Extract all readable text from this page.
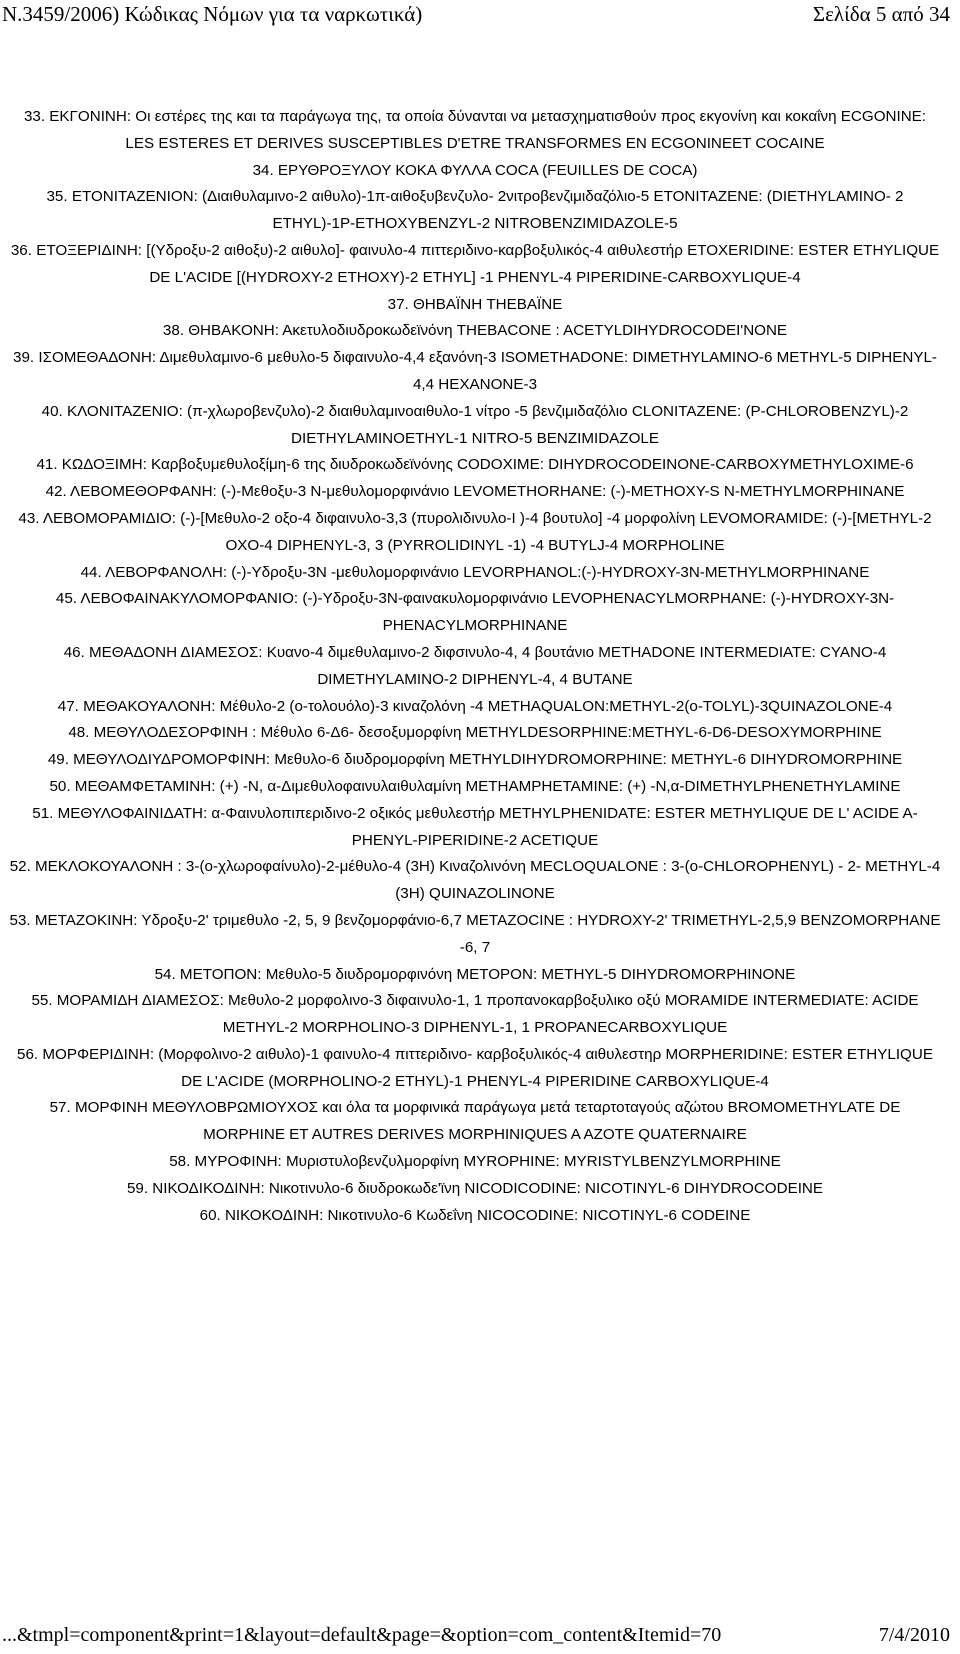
N.3459/2006) Κώδικας Νόμων για τα ναρκωτικά)	Σελίδα 5 από 34

33. ΕΚΓΟΝΙΝΗ: Οι εστέρες της και τα παράγωγα της, τα οποία δύνανται να μετασχηματισθούν προς εκγονίνη και κοκαΐνη ECGONINE: LES ESTERES ET DERIVES SUSCEPTIBLES D'ETRE TRANSFORMES EN ECGONINEET COCAINE

34. ΕΡΥΘΡΟΞΥΛΟΥ ΚΟΚΑ ΦΥΛΛΑ COCA (FEUILLES DE COCA)

35. ΕΤΟΝΙΤΑΖΕΝΙΟΝ: (Διαιθυλαμινο-2 αιθυλο)-1π-αιθοξυβενζυλο- 2νιτροβενζιμιδαζόλιο-5 ETONITAZENE: (DIETHYLAMINO- 2 ETHYL)-1P-ETHOXYBENZYL-2 NITROBENZIMIDAZOLE-5

36. ΕΤΟΞΕΡΙΔΙΝΗ: [(Υδροξυ-2 αιθοξυ)-2 αιθυλο]- φαινυλο-4 πιττεριδινο-καρβοξυλικός-4 αιθυλεστήρ ETOXERIDINE: ESTER ETHYLIQUE DE L'ACIDE [(HYDROXY-2 ETHOXY)-2 ETHYL] -1 PHENYL-4 PIPERIDINE-CARBOXYLIQUE-4

37. ΘΗΒΑΪΝΗ THEBAÏNE

38. ΘΗΒΑΚΟΝΗ: Ακετυλοδιυδροκωδεϊνόνη THEBACONE : ACETYLDIHYDROCODEI'NONE

39. ΙΣΟΜΕΘΑΔΟΝΗ: Διμεθυλαμινο-6 μεθυλο-5 διφαινυλο-4,4 εξανόνη-3 ISOMETHADONE: DIMETHYLAMINO-6 METHYL-5 DIPHENYL-4,4 HEXANONE-3

40. ΚΛΟΝΙΤΑΖΕΝΙΟ: (π-χλωροβενζυλο)-2 διαιθυλαμινοαιθυλο-1 νίτρο -5 βενζιμιδαζόλιο CLONITAZENE: (P-CHLOROBENZYL)-2 DIETHYLAMINOETHYL-1 NITRO-5 BENZIMIDAZOLE

41. ΚΩΔΟΞΙΜΗ: Καρβοξυμεθυλοξίμη-6 της διυδροκωδεϊνόνης CODOXIME: DIHYDROCODEINONE-CARBOXYMETHYLOXIME-6

42. ΛΕΒΟΜΕΘΟΡΦΑΝΗ: (-)-Μεθοξυ-3 Ν-μεθυλομορφινάνιο LEVOMETHORHANE: (-)-METHOXY-S N-METHYLMORPHINANE

43. ΛΕΒΟΜΟΡΑΜΙΔΙΟ: (-)-[Μεθυλο-2 οξο-4 διφαινυλο-3,3 (πυρολιδινυλο-Ι )-4 βουτυλο] -4 μορφολίνη LEVOMORAMIDE: (-)-[METHYL-2 OXO-4 DIPHENYL-3, 3 (PYRROLIDINYL -1) -4 BUTYLJ-4 MORPHOLINE

44. ΛΕΒΟΡΦΑΝΟΛΗ: (-)-Υδροξυ-3Ν -μεθυλομορφινάνιο LEVORPHANOL:(-)-HYDROXY-3N-METHYLMORPHINANE

45. ΛΕΒΟΦΑΙΝΑΚΥΛΟΜΟΡΦΑΝΙΟ: (-)-Υδροξυ-3Ν-φαινακυλομορφινάνιο LEVOPHENACYLMORPHANE: (-)-HYDROXY-3N-PHENACYLMORPHINANE

46. ΜΕΘΑΔΟΝΗ ΔΙΑΜΕΣΟΣ: Κυανο-4 διμεθυλαμινο-2 διφσινυλο-4, 4 βουτάνιο METHADONE INTERMEDIATE: CYANO-4 DIMETHYLAMINO-2 DIPHENYL-4, 4 BUTANE

47. ΜΕΘΑΚΟΥΑΛΟΝΗ: Μέθυλο-2 (ο-τολουόλο)-3 κιναζολόνη -4 METHAQUALON:METHYL-2(o-TOLYL)-3QUINAZOLONE-4

48. ΜΕΘΥΛΟΔΕΣΟΡΦΙΝΗ : Μέθυλο 6-Δ6- δεσοξυμορφίνη METHYLDESORPHINE:METHYL-6-D6-DESOXYMORPHINE

49. ΜΕΘΥΛΟΔΙΥΔΡΟΜΟΡΦΙΝΗ: Μεθυλο-6 διυδρομορφίνη METHYLDIHYDROMORPHINE: METHYL-6 DIHYDROMORPHINE

50. ΜΕΘΑΜΦΕΤΑΜΙΝΗ: (+) -Ν, α-Διμεθυλοφαινυλαιθυλαμίνη METHAMPHETAMINE: (+) -N,α-DIMETHYLPHENETHYLAMINE

51. ΜΕΘΥΛΟΦΑΙΝΙΔΑΤΗ: α-Φαινυλοπιπεριδινο-2 οξικός μεθυλεστήρ METHYLPHENIDATE: ESTER METHYLIQUE DE L' ACIDE A-PHENYL-PIPERIDINE-2 ACETIQUE

52. ΜΕΚΛΟΚΟΥΑΛΟΝΗ : 3-(ο-χλωροφαίνυλο)-2-μέθυλο-4 (3Η) Κιναζολινόνη MECLOQUALONE : 3-(o-CHLOROPHENYL) - 2- METHYL-4 (3H) QUINAZOLINONE

53. ΜΕΤΑΖΟΚΙΝΗ: Υδροξυ-2' τριμεθυλο -2, 5, 9 βενζομορφάνιο-6,7 METAZOCINE : HYDROXY-2' TRIMETHYL-2,5,9 BENZOMORPHANE -6, 7

54. ΜΕΤΟΠΟΝ: Μεθυλο-5 διυδρομορφινόνη METOPON: METHYL-5 DIHYDROMORPHINONE

55. ΜΟΡΑΜΙΔΗ ΔΙΑΜΕΣΟΣ: Μεθυλο-2 μορφολινο-3 διφαινυλο-1, 1 προπανοκαρβοξυλικο οξύ MORAMIDE INTERMEDIATE: ACIDE METHYL-2 MORPHOLINO-3 DIPHENYL-1, 1 PROPANECARBOXYLIQUE

56. ΜΟΡΦΕΡΙΔΙΝΗ: (Μορφολινο-2 αιθυλο)-1 φαινυλο-4 πιττεριδινο- καρβοξυλικός-4 αιθυλεστηρ MORPHERIDINE: ESTER ETHYLIQUE DE L'ACIDE (MORPHOLINO-2 ETHYL)-1 PHENYL-4 PIPERIDINE CARBOXYLIQUE-4

57. ΜΟΡΦΙΝΗ ΜΕΘΥΛΟΒΡΩΜΙΟΥΧΟΣ και όλα τα μορφινικά παράγωγα μετά τεταρτοταγούς αζώτου BROMOMETHYLATE DE MORPHINE ET AUTRES DERIVES MORPHINIQUES A AZOTE QUATERNAIRE

58. ΜΥΡΟΦΙΝΗ: Μυριστυλοβενζυλμορφίνη MYROPHINE: MYRISTYLBENZYLMORPHINE

59. ΝΙΚΟΔΙΚΟΔΙΝΗ: Νικοτινυλο-6 διυδροκωδε'ϊνη NICODICODINE: NICOTINYL-6 DIHYDROCODEINE

60. ΝΙΚΟΚΟΔΙΝΗ: Νικοτινυλο-6 Κωδεΐνη NICOCODINE: NICOTINYL-6 CODEINE

...&tmpl=component&print=1&layout=default&page=&option=com_content&Itemid=70	7/4/2010
